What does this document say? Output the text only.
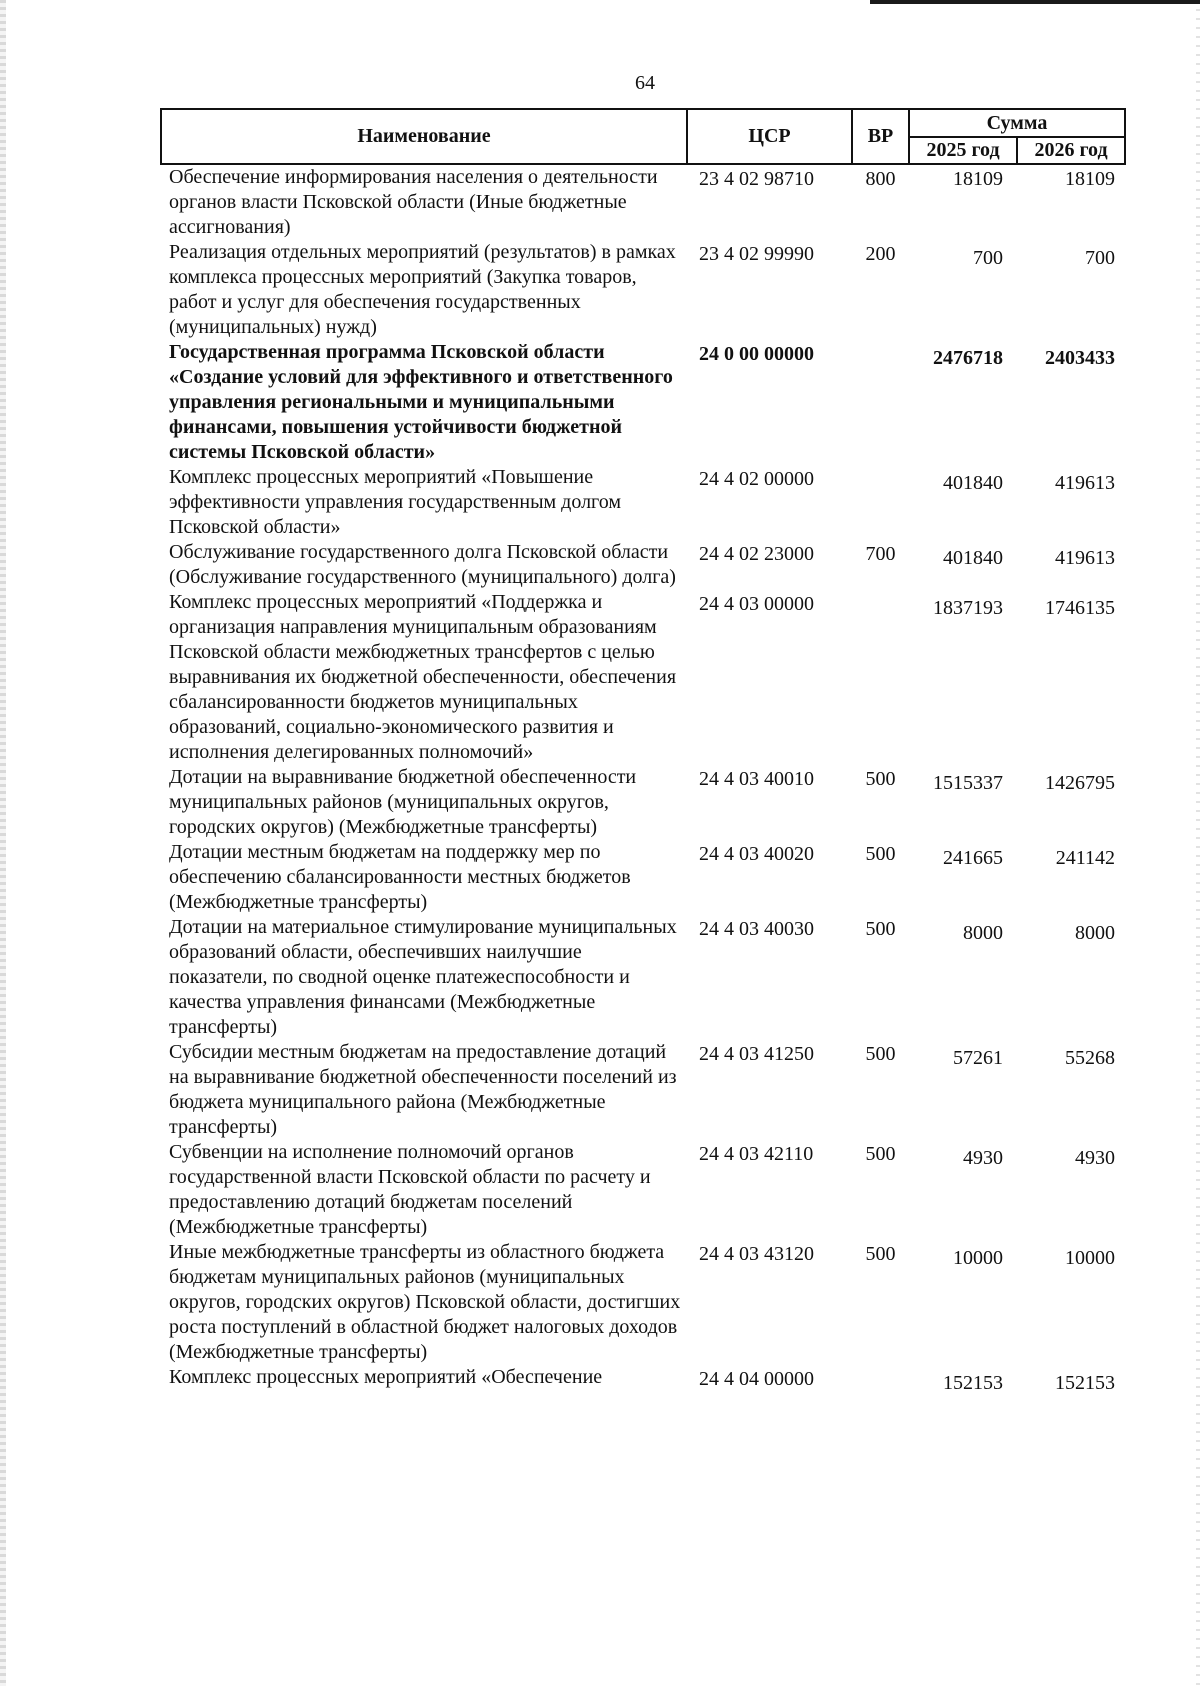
64
Наименование	ЦСР	ВР	Сумма	
			2025 год	2026 год
Обеспечение информирования населения о деятельности органов власти Псковской области (Иные бюджетные ассигнования)	23 4 02 98710	800	18109	18109
Реализация отдельных мероприятий (результатов) в рамках комплекса процессных мероприятий (Закупка товаров, работ и услуг для обеспечения государственных (муниципальных) нужд)	23 4 02 99990	200	700	700
Государственная программа Псковской области «Создание условий для эффективного и ответственного управления региональными и муниципальными финансами, повышения устойчивости бюджетной системы Псковской области»	24 0 00 00000		2476718	2403433
Комплекс процессных мероприятий «Повышение эффективности управления государственным долгом Псковской области»	24 4 02 00000		401840	419613
Обслуживание государственного долга Псковской области (Обслуживание государственного (муниципального) долга)	24 4 02 23000	700	401840	419613
Комплекс процессных мероприятий «Поддержка и организация направления муниципальным образованиям Псковской области межбюджетных трансфертов с целью выравнивания их бюджетной обеспеченности, обеспечения сбалансированности бюджетов муниципальных образований, социально-экономического развития и исполнения делегированных полномочий»	24 4 03 00000		1837193	1746135
Дотации на выравнивание бюджетной обеспеченности муниципальных районов (муниципальных округов, городских округов) (Межбюджетные трансферты)	24 4 03 40010	500	1515337	1426795
Дотации местным бюджетам на поддержку мер по обеспечению сбалансированности местных бюджетов (Межбюджетные трансферты)	24 4 03 40020	500	241665	241142
Дотации на материальное стимулирование муниципальных образований области, обеспечивших наилучшие показатели, по сводной оценке платежеспособности и качества управления финансами (Межбюджетные трансферты)	24 4 03 40030	500	8000	8000
Субсидии местным бюджетам на предоставление дотаций на выравнивание бюджетной обеспеченности поселений из бюджета муниципального района (Межбюджетные трансферты)	24 4 03 41250	500	57261	55268
Субвенции на исполнение полномочий органов государственной власти Псковской области по расчету и предоставлению дотаций бюджетам поселений (Межбюджетные трансферты)	24 4 03 42110	500	4930	4930
Иные межбюджетные трансферты из областного бюджета бюджетам муниципальных районов (муниципальных округов, городских округов) Псковской области, достигших роста поступлений в областной бюджет налоговых доходов (Межбюджетные трансферты)	24 4 03 43120	500	10000	10000
Комплекс процессных мероприятий «Обеспечение	24 4 04 00000		152153	152153
